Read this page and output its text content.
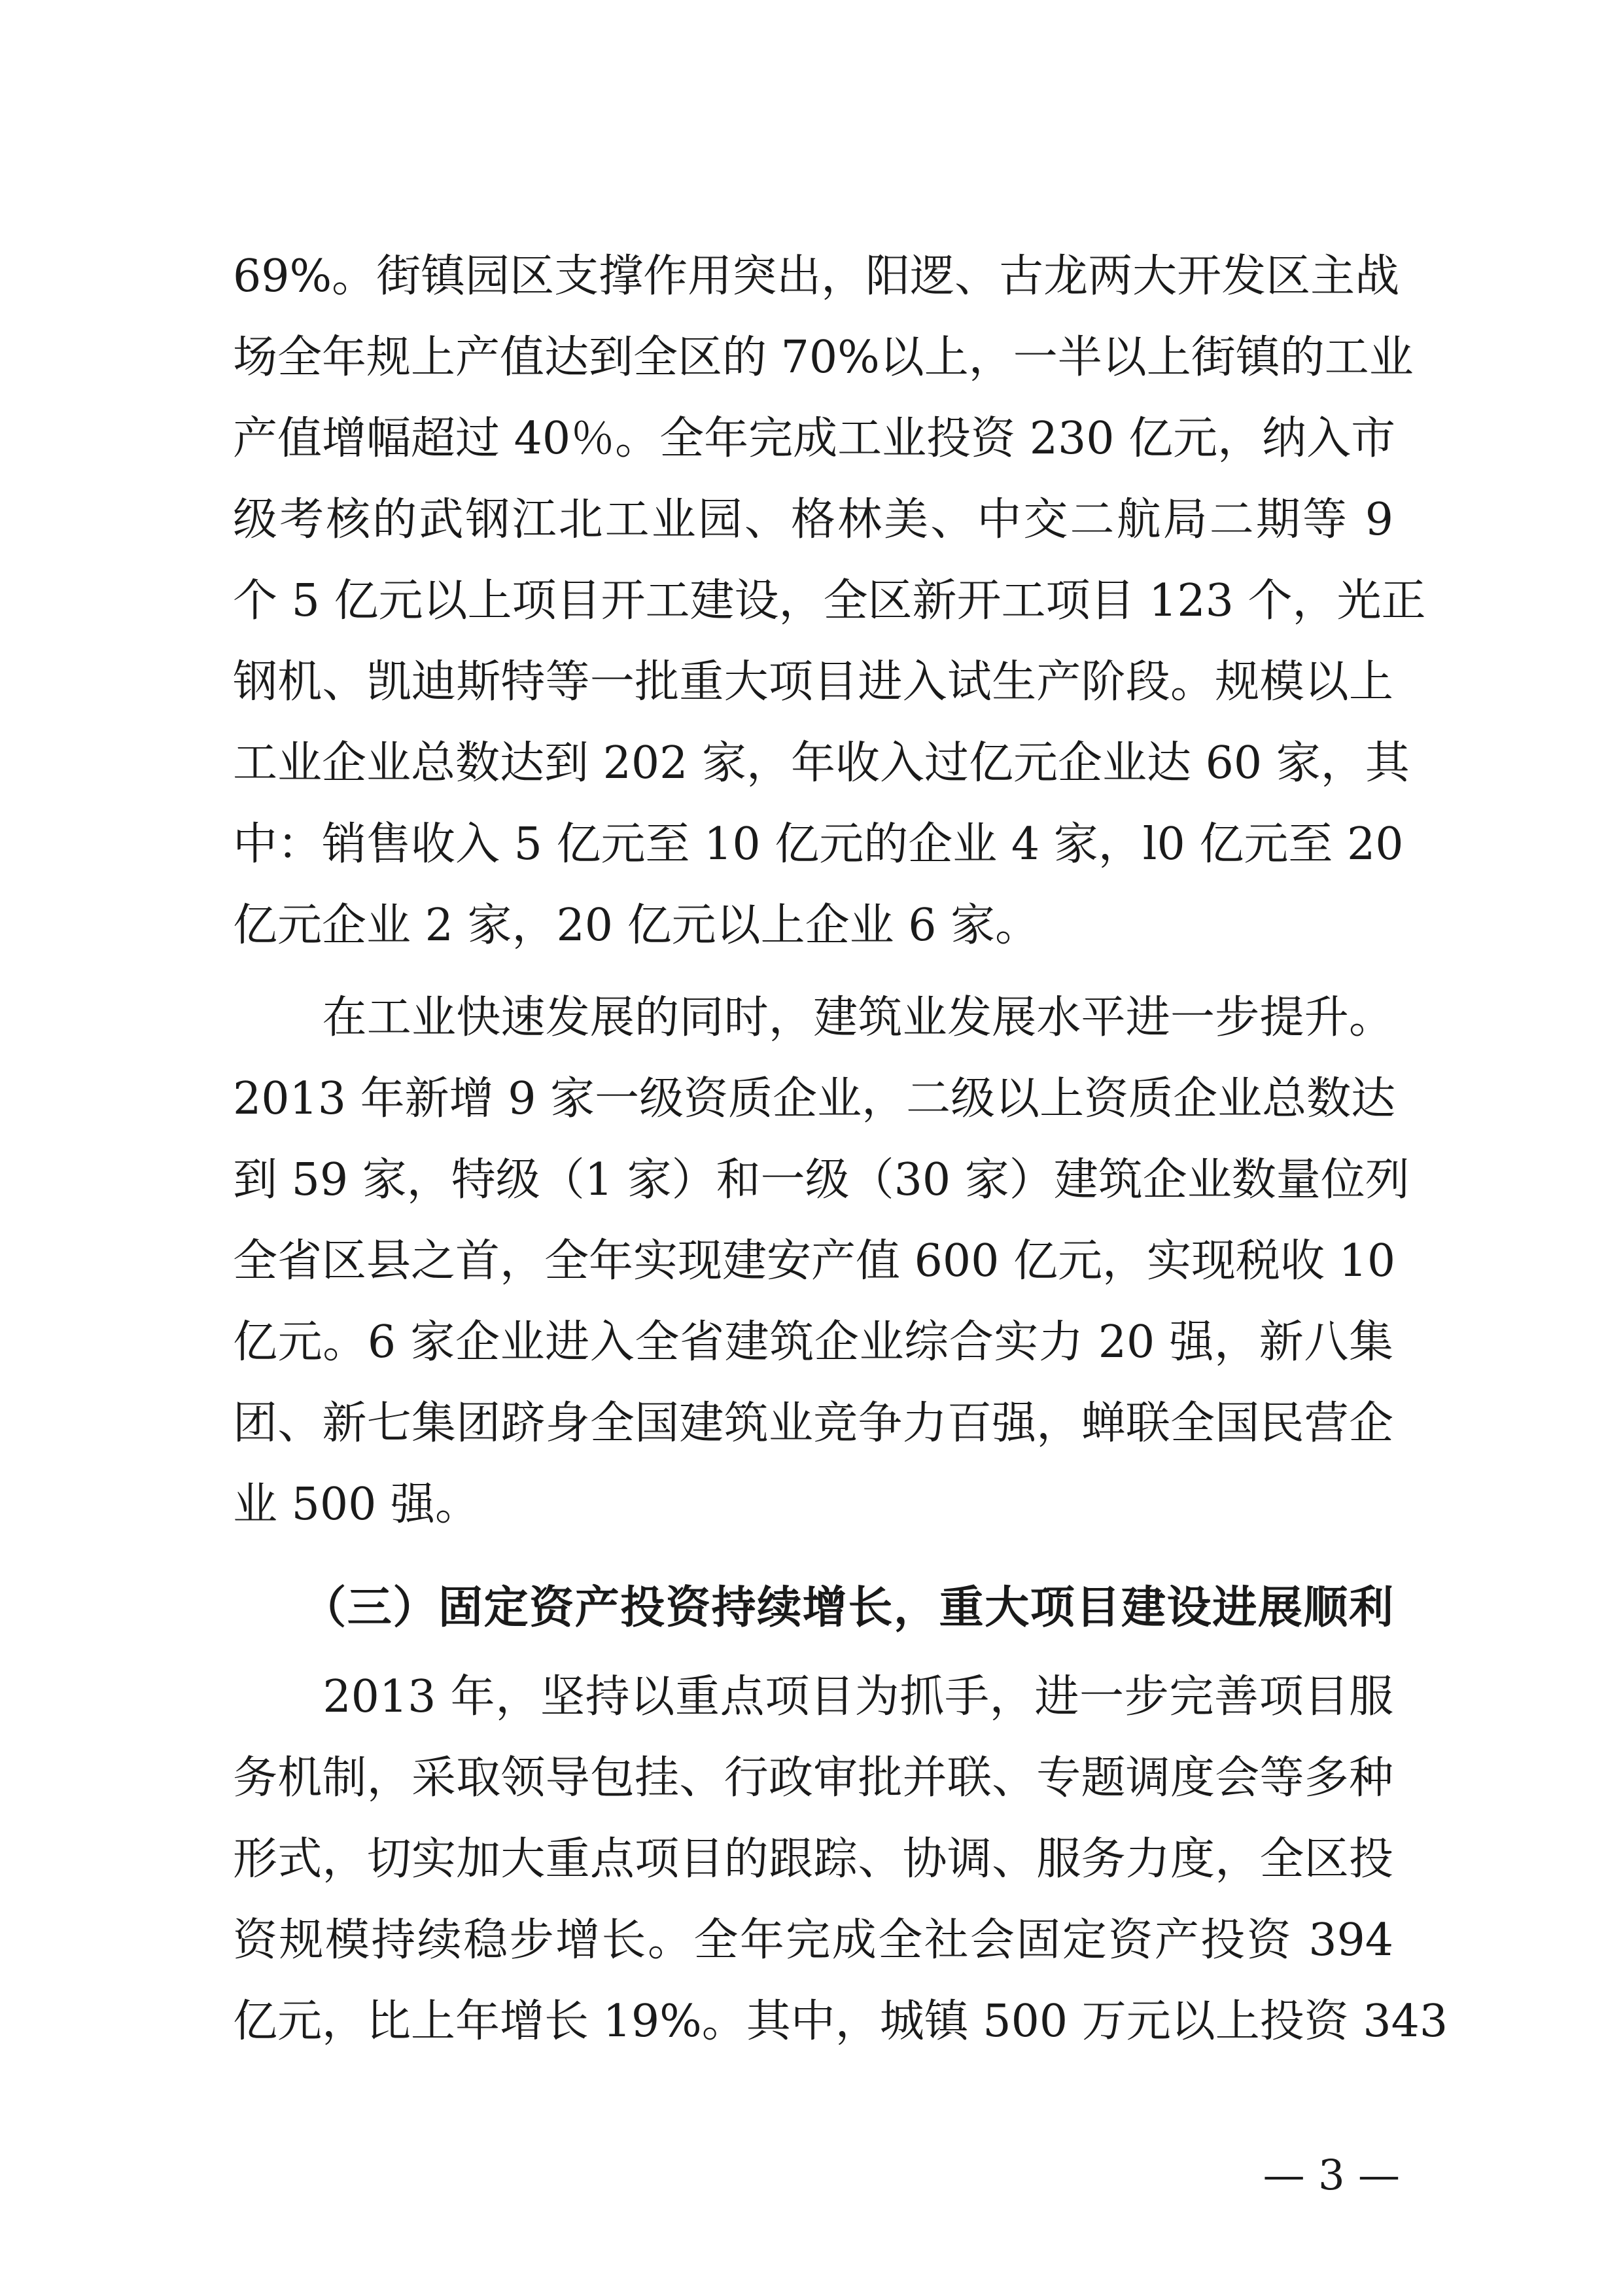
69%。街镇园区支撑作用突出，阳逻、古龙两大开发区主战
场全年规上产值达到全区的 70%以上，一半以上街镇的工业
产值增幅超过 40％。全年完成工业投资 230 亿元，纳入市
级考核的武钢江北工业园、格林美、中交二航局二期等 9
个 5 亿元以上项目开工建设，全区新开工项目 123 个，光正
钢机、凯迪斯特等一批重大项目进入试生产阶段。规模以上
工业企业总数达到 202 家，年收入过亿元企业达 60 家，其
中：销售收入 5 亿元至 10 亿元的企业 4 家，l0 亿元至 20
亿元企业 2 家，20 亿元以上企业 6 家。
　　在工业快速发展的同时，建筑业发展水平进一步提升。
2013 年新增 9 家一级资质企业，二级以上资质企业总数达
到 59 家，特级（1 家）和一级（30 家）建筑企业数量位列
全省区县之首，全年实现建安产值 600 亿元，实现税收 10
亿元。6 家企业进入全省建筑企业综合实力 20 强，新八集
团、新七集团跻身全国建筑业竞争力百强，蝉联全国民营企
业 500 强。
　　（三）固定资产投资持续增长，重大项目建设进展顺利
　　2013 年，坚持以重点项目为抓手，进一步完善项目服
务机制，采取领导包挂、行政审批并联、专题调度会等多种
形式，切实加大重点项目的跟踪、协调、服务力度，全区投
资规模持续稳步增长。全年完成全社会固定资产投资 394
亿元，比上年增长 19%。其中，城镇 500 万元以上投资 343
— 3 —
